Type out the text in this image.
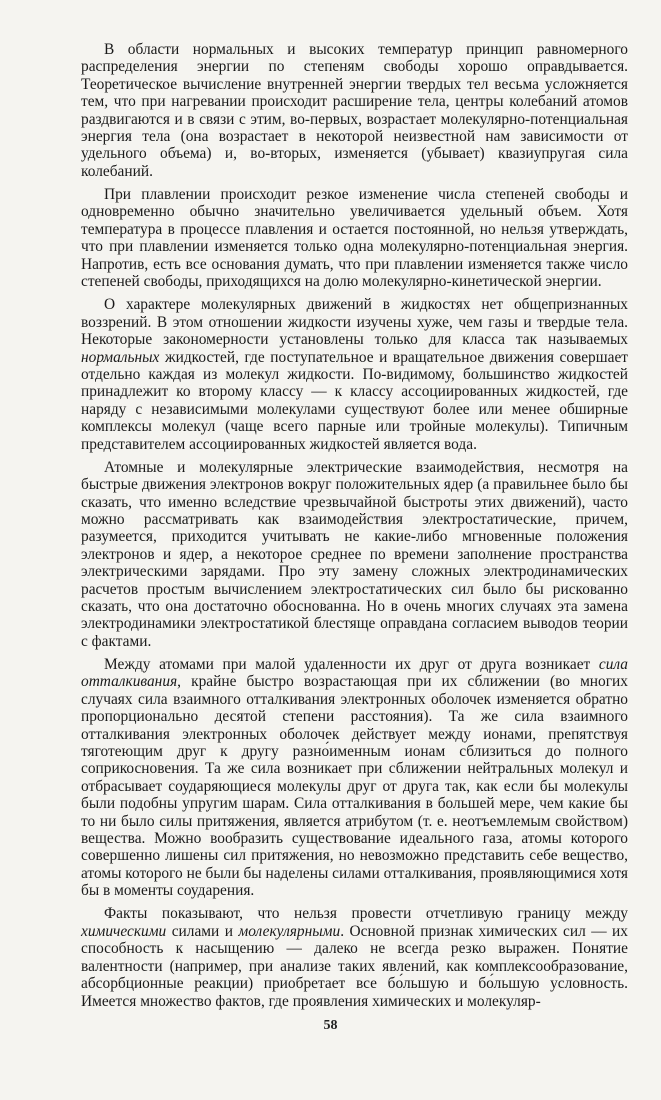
В области нормальных и высоких температур принцип равномерного распределения энергии по степеням свободы хорошо оправдывается. Теоретическое вычисление внутренней энергии твердых тел весьма усложняется тем, что при нагревании происходит расширение тела, центры колебаний атомов раздвигаются и в связи с этим, во-первых, возрастает молекулярно-потенциальная энергия тела (она возрастает в некоторой неизвестной нам зависимости от удельного объема) и, во-вторых, изменяется (убывает) квазиупругая сила колебаний.

При плавлении происходит резкое изменение числа степеней свободы и одновременно обычно значительно увеличивается удельный объем. Хотя температура в процессе плавления и остается постоянной, но нельзя утверждать, что при плавлении изменяется только одна молекулярно-потенциальная энергия. Напротив, есть все основания думать, что при плавлении изменяется также число степеней свободы, приходящихся на долю молекулярно-кинетической энергии.

О характере молекулярных движений в жидкостях нет общепризнанных воззрений. В этом отношении жидкости изучены хуже, чем газы и твердые тела. Некоторые закономерности установлены только для класса так называемых нормальных жидкостей, где поступательное и вращательное движения совершает отдельно каждая из молекул жидкости. По-видимому, большинство жидкостей принадлежит ко второму классу — к классу ассоциированных жидкостей, где наряду с независимыми молекулами существуют более или менее обширные комплексы молекул (чаще всего парные или тройные молекулы). Типичным представителем ассоциированных жидкостей является вода.

Атомные и молекулярные электрические взаимодействия, несмотря на быстрые движения электронов вокруг положительных ядер (а правильнее было бы сказать, что именно вследствие чрезвычайной быстроты этих движений), часто можно рассматривать как взаимодействия электростатические, причем, разумеется, приходится учитывать не какие-либо мгновенные положения электронов и ядер, а некоторое среднее по времени заполнение пространства электрическими зарядами. Про эту замену сложных электродинамических расчетов простым вычислением электростатических сил было бы рискованно сказать, что она достаточно обоснованна. Но в очень многих случаях эта замена электродинамики электростатикой блестяще оправдана согласием выводов теории с фактами.

Между атомами при малой удаленности их друг от друга возникает сила отталкивания, крайне быстро возрастающая при их сближении (во многих случаях сила взаимного отталкивания электронных оболочек изменяется обратно пропорционально десятой степени расстояния). Та же сила взаимного отталкивания электронных оболочек действует между ионами, препятствуя тяготеющим друг к другу разно́именным ионам сблизиться до полного соприкосновения. Та же сила возникает при сближении нейтральных молекул и отбрасывает соударяющиеся молекулы друг от друга так, как если бы молекулы были подобны упругим шарам. Сила отталкивания в большей мере, чем какие бы то ни было силы притяжения, является атрибутом (т. е. неотъемлемым свойством) вещества. Можно вообразить существование идеального газа, атомы которого совершенно лишены сил притяжения, но невозможно представить себе вещество, атомы которого не были бы наделены силами отталкивания, проявляющимися хотя бы в моменты соударения.

Факты показывают, что нельзя провести отчетливую границу между химическими силами и молекулярными. Основной признак химических сил — их способность к насыщению — далеко не всегда резко выражен. Понятие валентности (например, при анализе таких явлений, как комплексообразование, абсорбционные реакции) приобретает все бо́льшую и бо́льшую условность. Имеется множество фактов, где проявления химических и молекуляр-

58
